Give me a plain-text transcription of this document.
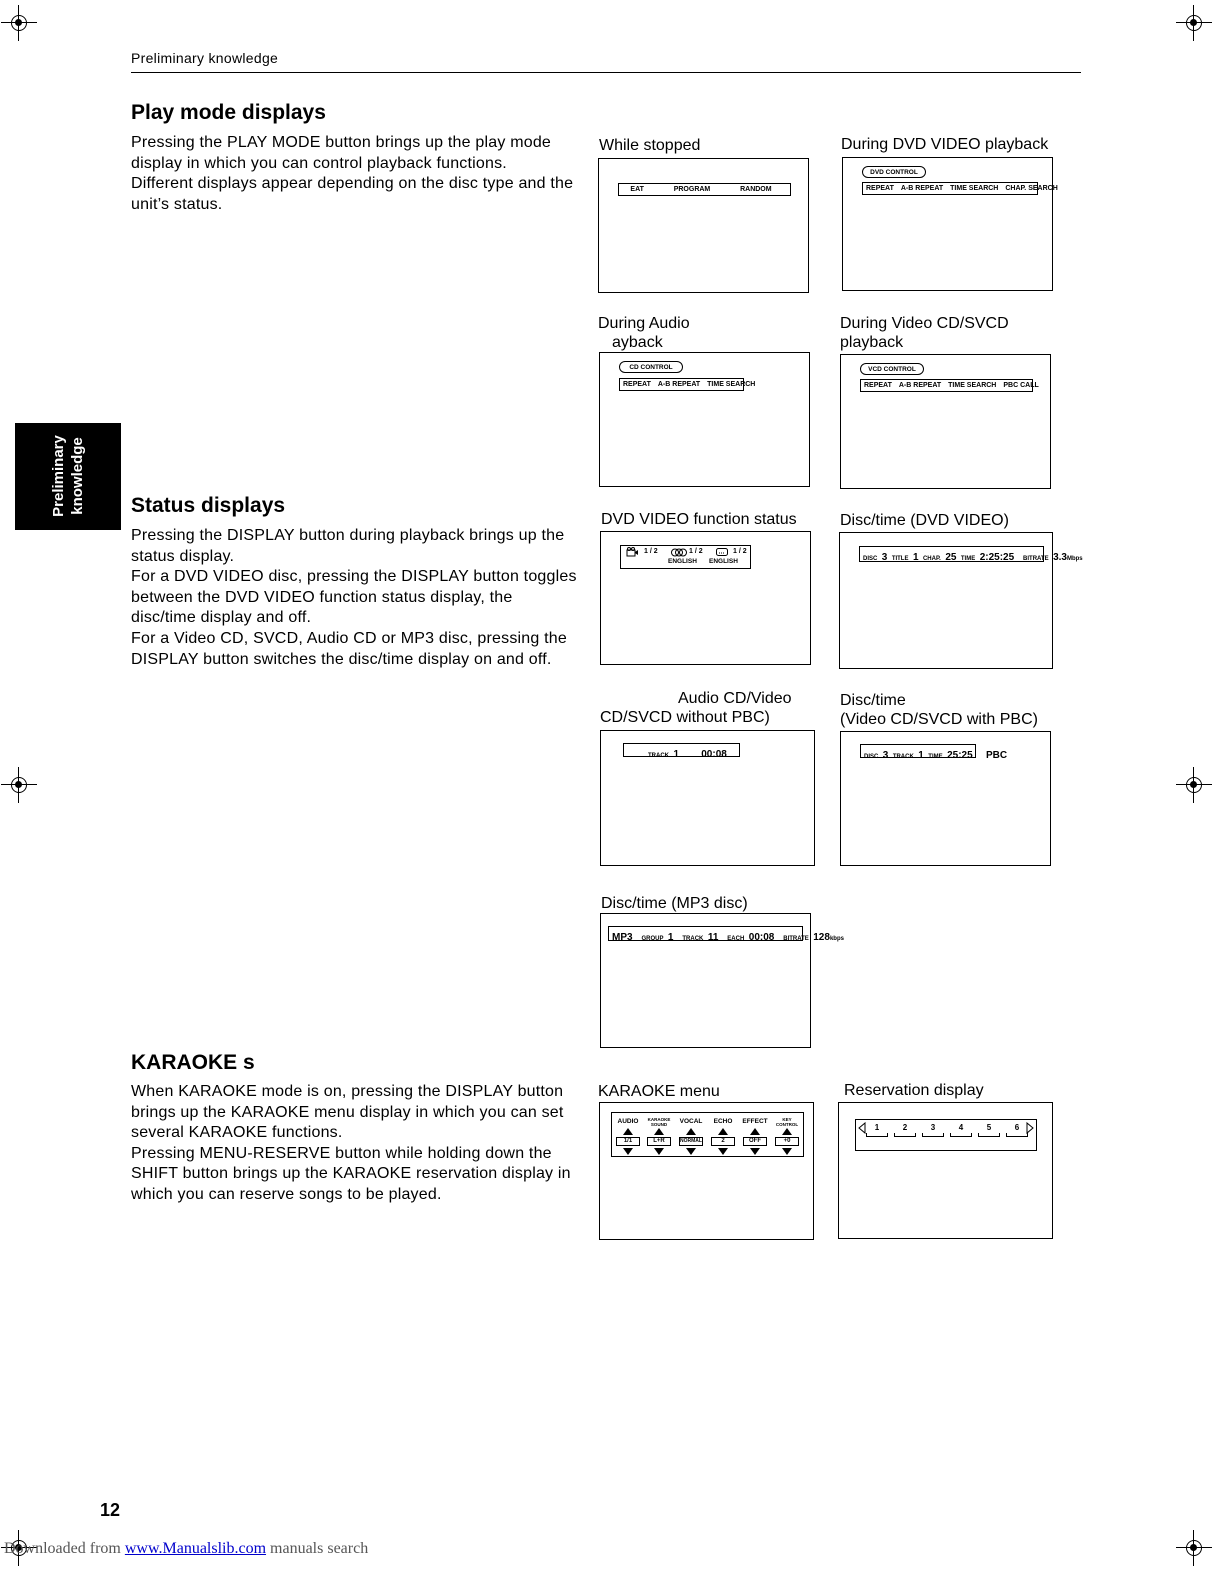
Preliminary knowledge
Preliminary knowledge
Play mode displays

Pressing the PLAY MODE button brings up the play mode display in which you can control playback functions.

Different displays appear depending on the disc type and the unit’s status.

Status displays

Pressing the DISPLAY button during playback brings up the status display.

For a DVD VIDEO disc, pressing the DISPLAY button toggles between the DVD VIDEO function status display, the disc/time display and off.

For a Video CD, SVCD, Audio CD or MP3 disc, pressing the DISPLAY button switches the disc/time display on and off.

KARAOKE s

When KARAOKE mode is on, pressing the DISPLAY button brings up the KARAOKE menu display in which you can set several KARAOKE functions.

Pressing MENU-RESERVE button while holding down the SHIFT button brings up the KARAOKE reservation display in which you can reserve songs to be played.

While stopped
EAT	PROGRAM	RANDOM
During DVD VIDEO playback
DVD CONTROL
REPEAT A-B REPEAT TIME SEARCH CHAP. SEARCH
During Audio
ayback
CD CONTROL
REPEAT A-B REPEAT TIME SEARCH
During Video CD/SVCD
playback
VCD CONTROL
REPEAT A-B REPEAT TIME SEARCH PBC CALL
DVD VIDEO function status
1 / 2	1 / 2	1 / 2
ENGLISH ENGLISH
Disc/time (DVD VIDEO)
DISC
3
TITLE
1
CHAP.
25
TIME
2:25:25
BITRATE
3.3 Mbps
Audio CD/Video
CD/SVCD without PBC)
TRACK
1
00:08
Disc/time
(Video CD/SVCD with PBC)
DISC
3
TRACK
1
TIME
25:25
PBC
Disc/time (MP3 disc)
MP3
GROUP
1
TRACK
11
EACH
00:08
BITRATE
128 kbps
KARAOKE menu
AUDIO
1/1
KARAOKE SOUND
L+R
VOCAL
NORMAL
ECHO
2
EFFECT
OFF
KEY CONTROL
+0
Reservation display
1	2	3	4	5	6
12
Downloaded from www.Manualslib.com manuals search
